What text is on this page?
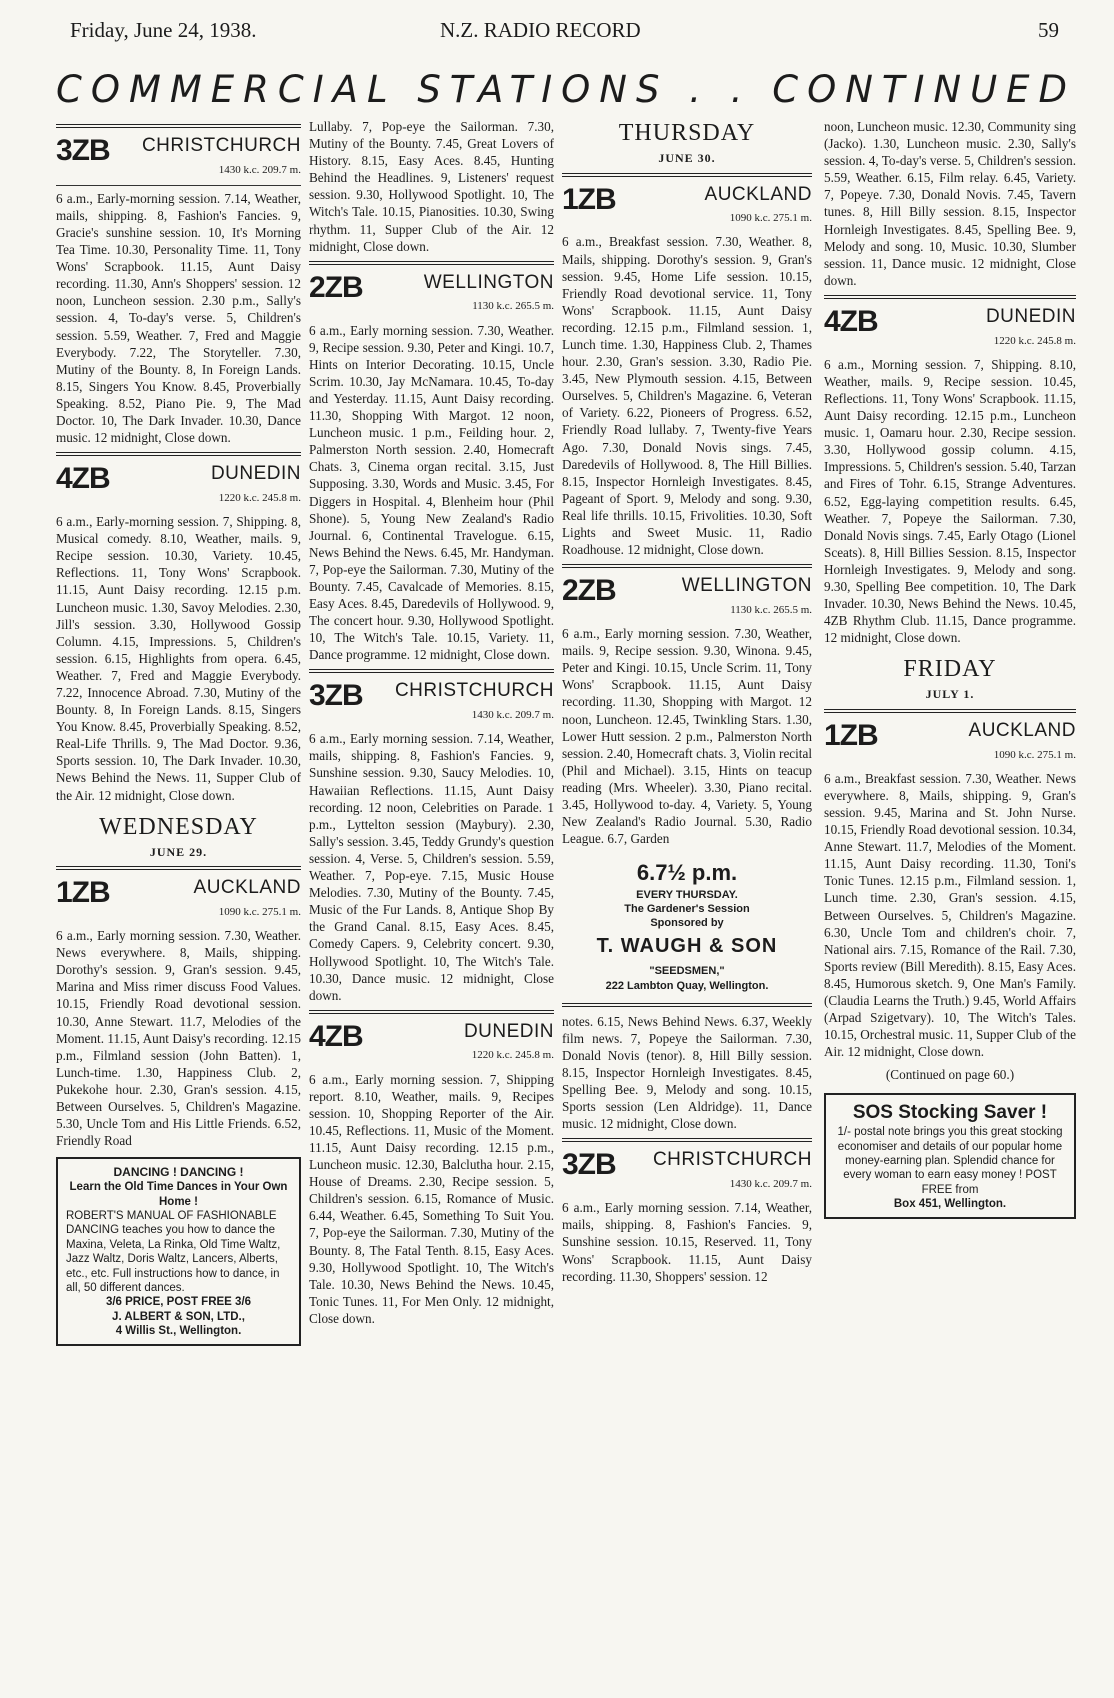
Friday, June 24, 1938.	N.Z. RADIO RECORD	59
COMMERCIAL STATIONS . . CONTINUED
3ZB	CHRISTCHURCH
1430 k.c. 209.7 m.

6 a.m., Early-morning session. 7.14, Weather, mails, shipping. 8, Fashion's Fancies. 9, Gracie's sunshine session. 10, It's Morning Tea Time. 10.30, Personality Time. 11, Tony Wons' Scrapbook. 11.15, Aunt Daisy recording. 11.30, Ann's Shoppers' session. 12 noon, Luncheon session. 2.30 p.m., Sally's session. 4, To-day's verse. 5, Children's session. 5.59, Weather. 7, Fred and Maggie Everybody. 7.22, The Storyteller. 7.30, Mutiny of the Bounty. 8, In Foreign Lands. 8.15, Singers You Know. 8.45, Proverbially Speaking. 8.52, Piano Pie. 9, The Mad Doctor. 10, The Dark Invader. 10.30, Dance music. 12 midnight, Close down.

4ZB	DUNEDIN
1220 k.c. 245.8 m.

6 a.m., Early-morning session. 7, Shipping. 8, Musical comedy. 8.10, Weather, mails. 9, Recipe session. 10.30, Variety. 10.45, Reflections. 11, Tony Wons' Scrapbook. 11.15, Aunt Daisy recording. 12.15 p.m. Luncheon music. 1.30, Savoy Melodies. 2.30, Jill's session. 3.30, Hollywood Gossip Column. 4.15, Impressions. 5, Children's session. 6.15, Highlights from opera. 6.45, Weather. 7, Fred and Maggie Everybody. 7.22, Innocence Abroad. 7.30, Mutiny of the Bounty. 8, In Foreign Lands. 8.15, Singers You Know. 8.45, Proverbially Speaking. 8.52, Real-Life Thrills. 9, The Mad Doctor. 9.36, Sports session. 10, The Dark Invader. 10.30, News Behind the News. 11, Supper Club of the Air. 12 midnight, Close down.

WEDNESDAY
JUNE 29.
1ZB	AUCKLAND
1090 k.c. 275.1 m.

6 a.m., Early morning session. 7.30, Weather. News everywhere. 8, Mails, shipping. Dorothy's session. 9, Gran's session. 9.45, Marina and Miss rimer discuss Food Values. 10.15, Friendly Road devotional session. 10.30, Anne Stewart. 11.7, Melodies of the Moment. 11.15, Aunt Daisy's recording. 12.15 p.m., Filmland session (John Batten). 1, Lunch-time. 1.30, Happiness Club. 2, Pukekohe hour. 2.30, Gran's session. 4.15, Between Ourselves. 5, Children's Magazine. 5.30, Uncle Tom and His Little Friends. 6.52, Friendly Road

DANCING ! DANCING !
Learn the Old Time Dances in Your Own Home !
ROBERT'S MANUAL OF FASHIONABLE DANCING teaches you how to dance the Maxina, Veleta, La Rinka, Old Time Waltz, Jazz Waltz, Doris Waltz, Lancers, Alberts, etc., etc. Full instructions how to dance, in all, 50 different dances.
3/6 PRICE, POST FREE 3/6
J. ALBERT & SON, LTD.,
4 Willis St., Wellington.

Lullaby. 7, Pop-eye the Sailorman. 7.30, Mutiny of the Bounty. 7.45, Great Lovers of History. 8.15, Easy Aces. 8.45, Hunting Behind the Headlines. 9, Listeners' request session. 9.30, Hollywood Spotlight. 10, The Witch's Tale. 10.15, Pianosities. 10.30, Swing rhythm. 11, Supper Club of the Air. 12 midnight, Close down.

2ZB	WELLINGTON
1130 k.c. 265.5 m.

6 a.m., Early morning session. 7.30, Weather. 9, Recipe session. 9.30, Peter and Kingi. 10.7, Hints on Interior Decorating. 10.15, Uncle Scrim. 10.30, Jay McNamara. 10.45, To-day and Yesterday. 11.15, Aunt Daisy recording. 11.30, Shopping With Margot. 12 noon, Luncheon music. 1 p.m., Feilding hour. 2, Palmerston North session. 2.40, Homecraft Chats. 3, Cinema organ recital. 3.15, Just Supposing. 3.30, Words and Music. 3.45, For Diggers in Hospital. 4, Blenheim hour (Phil Shone). 5, Young New Zealand's Radio Journal. 6, Continental Travelogue. 6.15, News Behind the News. 6.45, Mr. Handyman. 7, Pop-eye the Sailorman. 7.30, Mutiny of the Bounty. 7.45, Cavalcade of Memories. 8.15, Easy Aces. 8.45, Daredevils of Hollywood. 9, The concert hour. 9.30, Hollywood Spotlight. 10, The Witch's Tale. 10.15, Variety. 11, Dance programme. 12 midnight, Close down.

3ZB	CHRISTCHURCH
1430 k.c. 209.7 m.

6 a.m., Early morning session. 7.14, Weather, mails, shipping. 8, Fashion's Fancies. 9, Sunshine session. 9.30, Saucy Melodies. 10, Hawaiian Reflections. 11.15, Aunt Daisy recording. 12 noon, Celebrities on Parade. 1 p.m., Lyttelton session (Maybury). 2.30, Sally's session. 3.45, Teddy Grundy's question session. 4, Verse. 5, Children's session. 5.59, Weather. 7, Pop-eye. 7.15, Music House Melodies. 7.30, Mutiny of the Bounty. 7.45, Music of the Fur Lands. 8, Antique Shop By the Grand Canal. 8.15, Easy Aces. 8.45, Comedy Capers. 9, Celebrity concert. 9.30, Hollywood Spotlight. 10, The Witch's Tale. 10.30, Dance music. 12 midnight, Close down.

4ZB	DUNEDIN
1220 k.c. 245.8 m.

6 a.m., Early morning session. 7, Shipping report. 8.10, Weather, mails. 9, Recipes session. 10, Shopping Reporter of the Air. 10.45, Reflections. 11, Music of the Moment. 11.15, Aunt Daisy recording. 12.15 p.m., Luncheon music. 12.30, Balclutha hour. 2.15, House of Dreams. 2.30, Recipe session. 5, Children's session. 6.15, Romance of Music. 6.44, Weather. 6.45, Something To Suit You. 7, Pop-eye the Sailorman. 7.30, Mutiny of the Bounty. 8, The Fatal Tenth. 8.15, Easy Aces. 9.30, Hollywood Spotlight. 10, The Witch's Tale. 10.30, News Behind the News. 10.45, Tonic Tunes. 11, For Men Only. 12 midnight, Close down.

THURSDAY
JUNE 30.
1ZB	AUCKLAND
1090 k.c. 275.1 m.

6 a.m., Breakfast session. 7.30, Weather. 8, Mails, shipping. Dorothy's session. 9, Gran's session. 9.45, Home Life session. 10.15, Friendly Road devotional service. 11, Tony Wons' Scrapbook. 11.15, Aunt Daisy recording. 12.15 p.m., Filmland session. 1, Lunch time. 1.30, Happiness Club. 2, Thames hour. 2.30, Gran's session. 3.30, Radio Pie. 3.45, New Plymouth session. 4.15, Between Ourselves. 5, Children's Magazine. 6, Veteran of Variety. 6.22, Pioneers of Progress. 6.52, Friendly Road lullaby. 7, Twenty-five Years Ago. 7.30, Donald Novis sings. 7.45, Daredevils of Hollywood. 8, The Hill Billies. 8.15, Inspector Hornleigh Investigates. 8.45, Pageant of Sport. 9, Melody and song. 9.30, Real life thrills. 10.15, Frivolities. 10.30, Soft Lights and Sweet Music. 11, Radio Roadhouse. 12 midnight, Close down.

2ZB	WELLINGTON
1130 k.c. 265.5 m.

6 a.m., Early morning session. 7.30, Weather, mails. 9, Recipe session. 9.30, Winona. 9.45, Peter and Kingi. 10.15, Uncle Scrim. 11, Tony Wons' Scrapbook. 11.15, Aunt Daisy recording. 11.30, Shopping with Margot. 12 noon, Luncheon. 12.45, Twinkling Stars. 1.30, Lower Hutt session. 2 p.m., Palmerston North session. 2.40, Homecraft chats. 3, Violin recital (Phil and Michael). 3.15, Hints on teacup reading (Mrs. Wheeler). 3.30, Piano recital. 3.45, Hollywood to-day. 4, Variety. 5, Young New Zealand's Radio Journal. 5.30, Radio League. 6.7, Garden

6.7½ p.m.
EVERY THURSDAY.
The Gardener's Session
Sponsored by
T. WAUGH & SON
"SEEDSMEN,"
222 Lambton Quay, Wellington.

notes. 6.15, News Behind News. 6.37, Weekly film news. 7, Popeye the Sailorman. 7.30, Donald Novis (tenor). 8, Hill Billy session. 8.15, Inspector Hornleigh Investigates. 8.45, Spelling Bee. 9, Melody and song. 10.15, Sports session (Len Aldridge). 11, Dance music. 12 midnight, Close down.

3ZB	CHRISTCHURCH
1430 k.c. 209.7 m.

6 a.m., Early morning session. 7.14, Weather, mails, shipping. 8, Fashion's Fancies. 9, Sunshine session. 10.15, Reserved. 11, Tony Wons' Scrapbook. 11.15, Aunt Daisy recording. 11.30, Shoppers' session. 12

noon, Luncheon music. 12.30, Community sing (Jacko). 1.30, Luncheon music. 2.30, Sally's session. 4, To-day's verse. 5, Children's session. 5.59, Weather. 6.15, Film relay. 6.45, Variety. 7, Popeye. 7.30, Donald Novis. 7.45, Tavern tunes. 8, Hill Billy session. 8.15, Inspector Hornleigh Investigates. 8.45, Spelling Bee. 9, Melody and song. 10, Music. 10.30, Slumber session. 11, Dance music. 12 midnight, Close down.

4ZB	DUNEDIN
1220 k.c. 245.8 m.

6 a.m., Morning session. 7, Shipping. 8.10, Weather, mails. 9, Recipe session. 10.45, Reflections. 11, Tony Wons' Scrapbook. 11.15, Aunt Daisy recording. 12.15 p.m., Luncheon music. 1, Oamaru hour. 2.30, Recipe session. 3.30, Hollywood gossip column. 4.15, Impressions. 5, Children's session. 5.40, Tarzan and Fires of Tohr. 6.15, Strange Adventures. 6.52, Egg-laying competition results. 6.45, Weather. 7, Popeye the Sailorman. 7.30, Donald Novis sings. 7.45, Early Otago (Lionel Sceats). 8, Hill Billies Session. 8.15, Inspector Hornleigh Investigates. 9, Melody and song. 9.30, Spelling Bee competition. 10, The Dark Invader. 10.30, News Behind the News. 10.45, 4ZB Rhythm Club. 11.15, Dance programme. 12 midnight, Close down.

FRIDAY
JULY 1.
1ZB	AUCKLAND
1090 k.c. 275.1 m.

6 a.m., Breakfast session. 7.30, Weather. News everywhere. 8, Mails, shipping. 9, Gran's session. 9.45, Marina and St. John Nurse. 10.15, Friendly Road devotional session. 10.34, Anne Stewart. 11.7, Melodies of the Moment. 11.15, Aunt Daisy recording. 11.30, Toni's Tonic Tunes. 12.15 p.m., Filmland session. 1, Lunch time. 2.30, Gran's session. 4.15, Between Ourselves. 5, Children's Magazine. 6.30, Uncle Tom and children's choir. 7, National airs. 7.15, Romance of the Rail. 7.30, Sports review (Bill Meredith). 8.15, Easy Aces. 8.45, Humorous sketch. 9, One Man's Family. (Claudia Learns the Truth.) 9.45, World Affairs (Arpad Szigetvary). 10, The Witch's Tales. 10.15, Orchestral music. 11, Supper Club of the Air. 12 midnight, Close down.

(Continued on page 60.)
SOS Stocking Saver !
1/- postal note brings you this great stocking economiser and details of our popular home money-earning plan. Splendid chance for every woman to earn easy money ! POST FREE from
Box 451, Wellington.
